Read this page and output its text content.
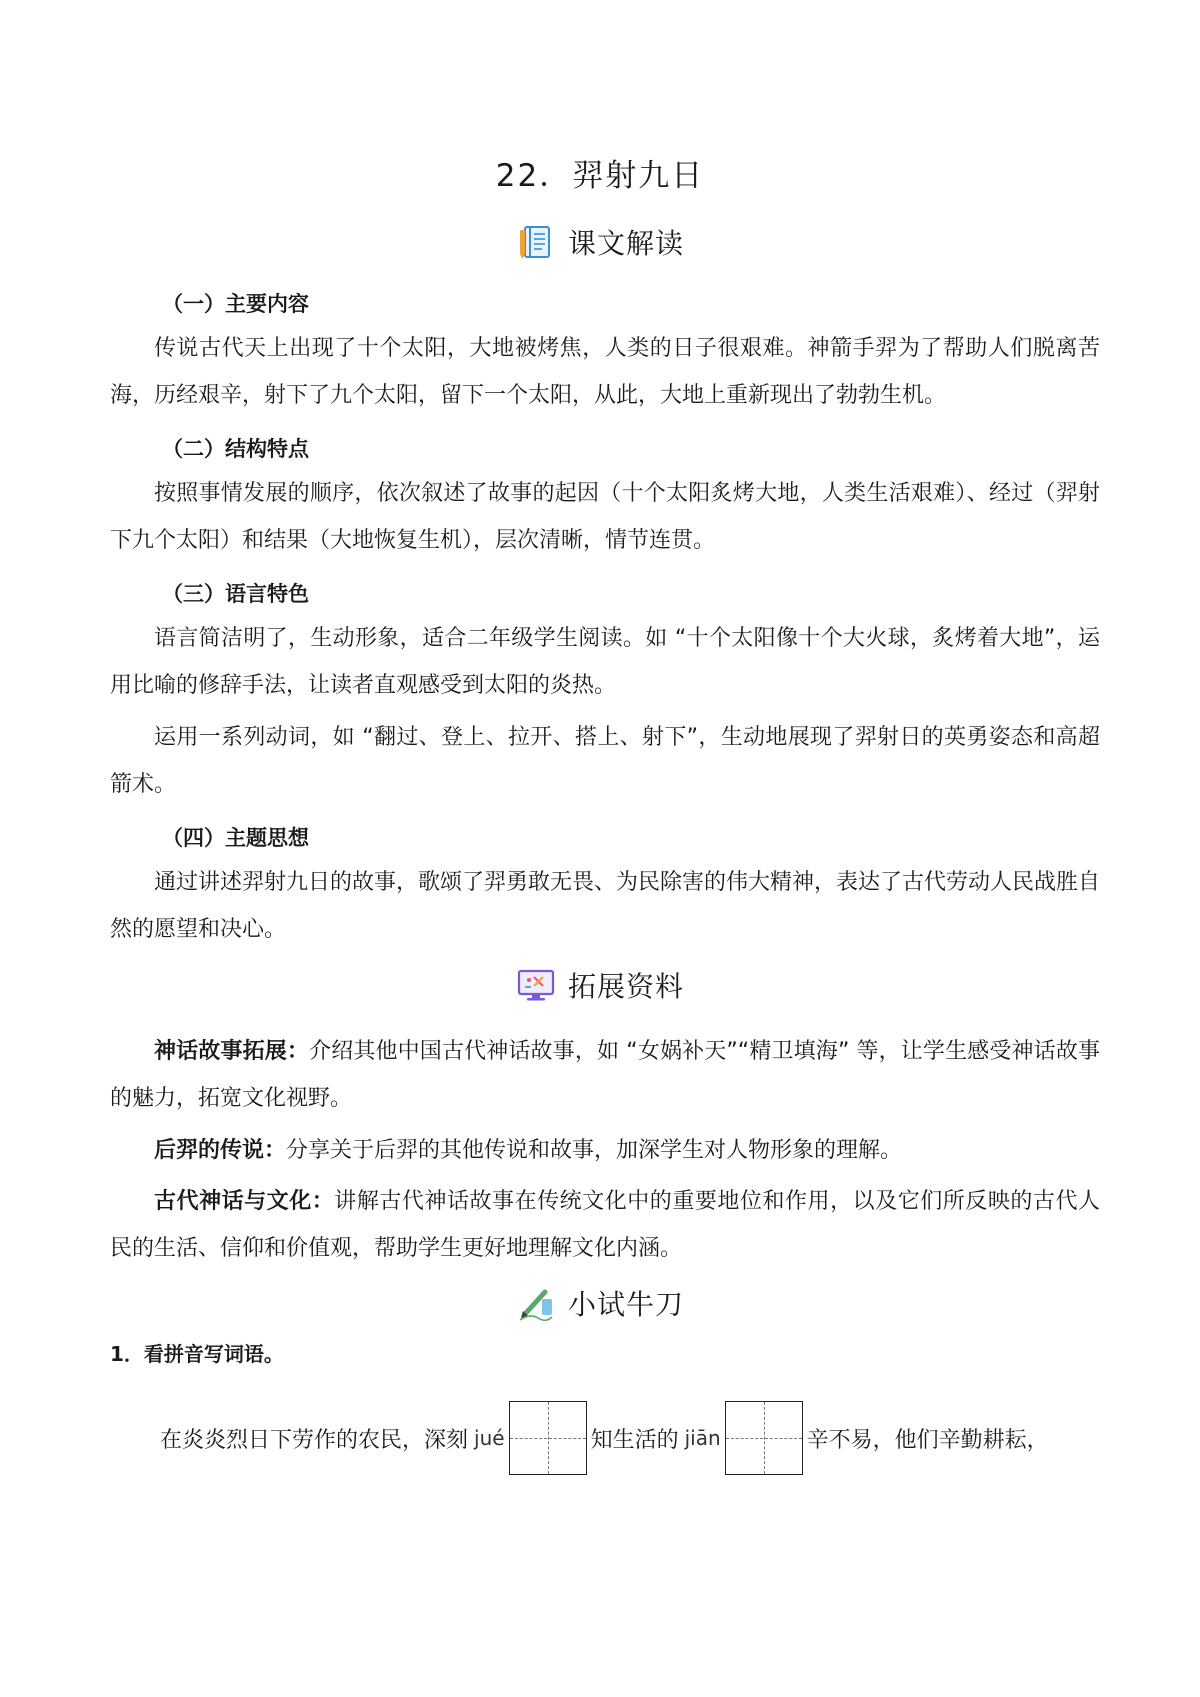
22．羿射九日
课文解读
（一）主要内容

传说古代天上出现了十个太阳，大地被烤焦，人类的日子很艰难。神箭手羿为了帮助人们脱离苦海，历经艰辛，射下了九个太阳，留下一个太阳，从此，大地上重新现出了勃勃生机。

（二）结构特点

按照事情发展的顺序，依次叙述了故事的起因（十个太阳炙烤大地，人类生活艰难）、经过（羿射下九个太阳）和结果（大地恢复生机），层次清晰，情节连贯。

（三）语言特色

语言简洁明了，生动形象，适合二年级学生阅读。如 “十个太阳像十个大火球，炙烤着大地”，运用比喻的修辞手法，让读者直观感受到太阳的炎热。

运用一系列动词，如 “翻过、登上、拉开、搭上、射下”，生动地展现了羿射日的英勇姿态和高超箭术。

（四）主题思想

通过讲述羿射九日的故事，歌颂了羿勇敢无畏、为民除害的伟大精神，表达了古代劳动人民战胜自然的愿望和决心。

拓展资料

神话故事拓展：介绍其他中国古代神话故事，如 “女娲补天”“精卫填海” 等，让学生感受神话故事的魅力，拓宽文化视野。

后羿的传说：分享关于后羿的其他传说和故事，加深学生对人物形象的理解。

古代神话与文化：讲解古代神话故事在传统文化中的重要地位和作用，以及它们所反映的古代人民的生活、信仰和价值观，帮助学生更好地理解文化内涵。

小试牛刀
1．看拼音写词语。
在炎炎烈日下劳作的农民，深刻 jué	知生活的 jiān	辛不易，他们辛勤耕耘，
